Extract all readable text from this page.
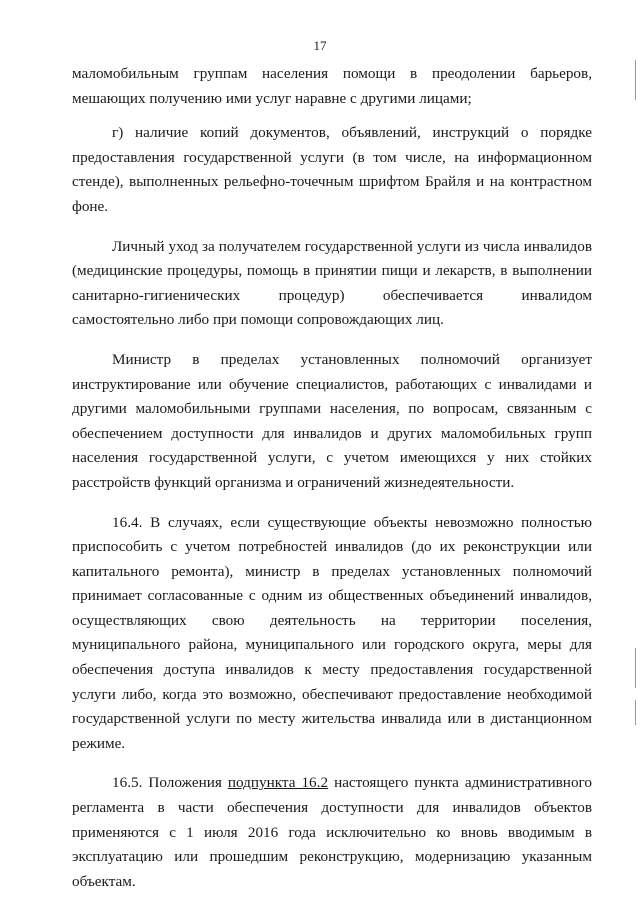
17

маломобильным группам населения помощи в преодолении барьеров, мешающих получению ими услуг наравне с другими лицами;

г) наличие копий документов, объявлений, инструкций о порядке предоставления государственной услуги (в том числе, на информационном стенде), выполненных рельефно-точечным шрифтом Брайля и на контрастном фоне.

Личный уход за получателем государственной услуги из числа инвалидов (медицинские процедуры, помощь в принятии пищи и лекарств, в выполнении санитарно-гигиенических процедур) обеспечивается инвалидом самостоятельно либо при помощи сопровождающих лиц.

Министр в пределах установленных полномочий организует инструктирование или обучение специалистов, работающих с инвалидами и другими маломобильными группами населения, по вопросам, связанным с обеспечением доступности для инвалидов и других маломобильных групп населения государственной услуги, с учетом имеющихся у них стойких расстройств функций организма и ограничений жизнедеятельности.

16.4. В случаях, если существующие объекты невозможно полностью приспособить с учетом потребностей инвалидов (до их реконструкции или капитального ремонта), министр в пределах установленных полномочий принимает согласованные с одним из общественных объединений инвалидов, осуществляющих свою деятельность на территории поселения, муниципального района, муниципального или городского округа, меры для обеспечения доступа инвалидов к месту предоставления государственной услуги либо, когда это возможно, обеспечивают предоставление необходимой государственной услуги по месту жительства инвалида или в дистанционном режиме.

16.5. Положения подпункта 16.2 настоящего пункта административного регламента в части обеспечения доступности для инвалидов объектов применяются с 1 июля 2016 года исключительно ко вновь вводимым в эксплуатацию или прошедшим реконструкцию, модернизацию указанным объектам.
